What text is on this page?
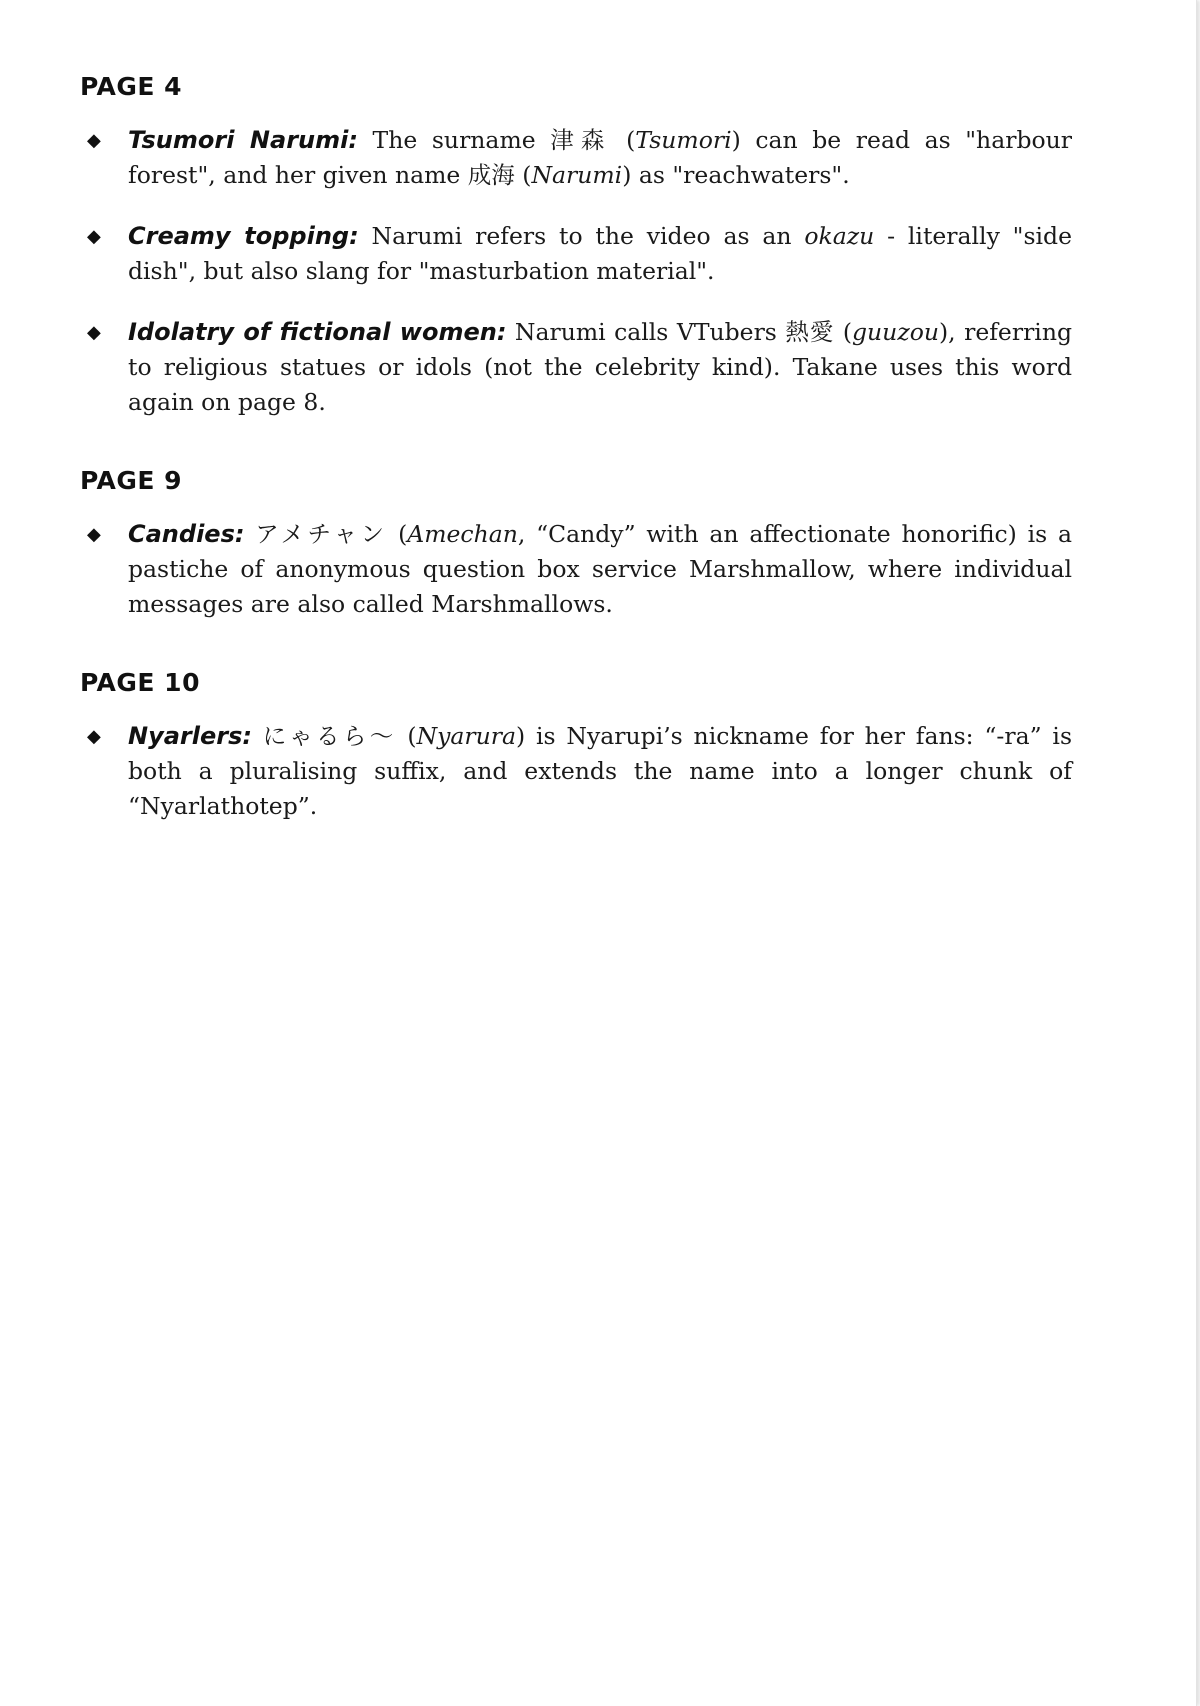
PAGE 4
◆ Tsumori Narumi: The surname 津森 (Tsumori) can be read as "harbour forest", and her given name 成海 (Narumi) as "reachwaters".
◆ Creamy topping: Narumi refers to the video as an okazu - literally "side dish", but also slang for "masturbation material".
◆ Idolatry of fictional women: Narumi calls VTubers 熱愛 (guuzou), referring to religious statues or idols (not the celebrity kind). Takane uses this word again on page 8.
PAGE 9
◆ Candies: アメチャン (Amechan, “Candy” with an affectionate honorific) is a pastiche of anonymous question box service Marshmallow, where individual messages are also called Marshmallows.
PAGE 10
◆ Nyarlers: にゃるら～ (Nyarura) is Nyarupi’s nickname for her fans: “-ra” is both a pluralising suffix, and extends the name into a longer chunk of “Nyarlathotep”.
